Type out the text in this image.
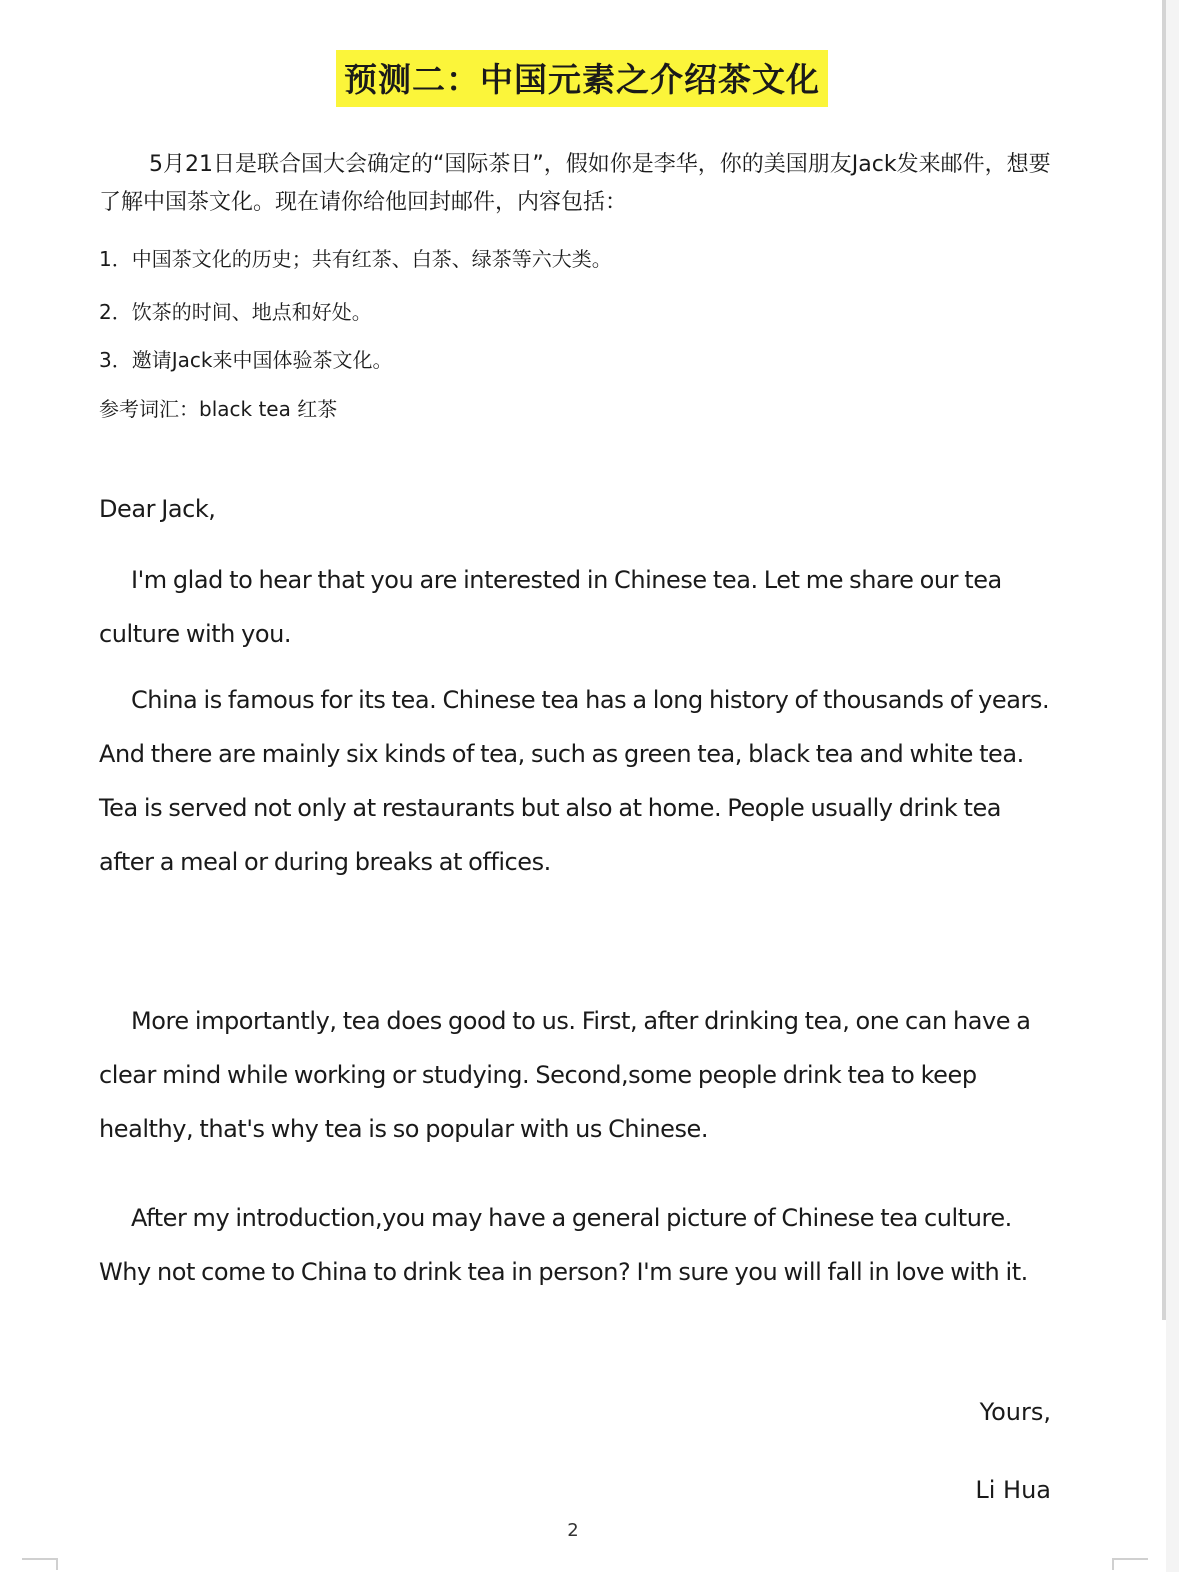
预测二：中国元素之介绍茶文化

5月21日是联合国大会确定的“国际茶日”，假如你是李华，你的美国朋友Jack发来邮件，想要了解中国茶文化。现在请你给他回封邮件，内容包括：

1．中国茶文化的历史；共有红茶、白茶、绿茶等六大类。

2．饮茶的时间、地点和好处。

3．邀请Jack来中国体验茶文化。

参考词汇：black tea 红茶

Dear Jack,

I'm glad to hear that you are interested in Chinese tea. Let me share our tea culture with you.

China is famous for its tea. Chinese tea has a long history of thousands of years. And there are mainly six kinds of tea, such as green tea, black tea and white tea. Tea is served not only at restaurants but also at home. People usually drink tea after a meal or during breaks at offices.

More importantly, tea does good to us. First, after drinking tea, one can have a clear mind while working or studying. Second,some people drink tea to keep healthy, that's why tea is so popular with us Chinese.

After my introduction,you may have a general picture of Chinese tea culture. Why not come to China to drink tea in person? I'm sure you will fall in love with it.

Yours,

Li Hua

2
